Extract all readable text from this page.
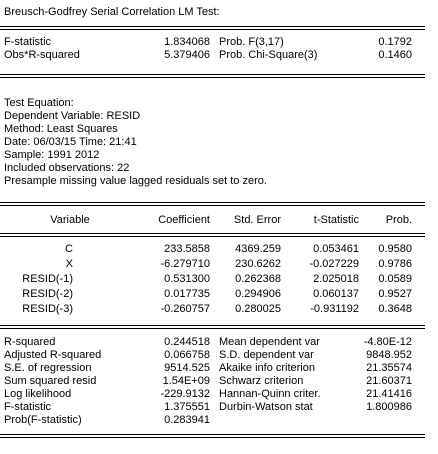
Breusch-Godfrey Serial Correlation LM Test:
F-statistic	1.834068 Prob. F(3,17)	0.1792
Obs*R-squared	5.379406 Prob. Chi-Square(3)	0.1460
Test Equation:
Dependent Variable: RESID
Method: Least Squares
Date: 06/03/15 Time: 21:41
Sample: 1991 2012
Included observations: 22
Presample missing value lagged residuals set to zero.
Variable	Coefficient	Std. Error	t-Statistic	Prob.
C	233.5858	4369.259	0.053461	0.9580
X	-6.279710	230.6262	-0.027229	0.9786
RESID(-1)	0.531300	0.262368	2.025018	0.0589
RESID(-2)	0.017735	0.294906	0.060137	0.9527
RESID(-3)	-0.260757	0.280025	-0.931192	0.3648
R-squared	0.244518 Mean dependent var	-4.80E-12
Adjusted R-squared	0.066758 S.D. dependent var	9848.952
S.E. of regression	9514.525 Akaike info criterion	21.35574
Sum squared resid	1.54E+09 Schwarz criterion	21.60371
Log likelihood	-229.9132 Hannan-Quinn criter.	21.41416
F-statistic	1.375551 Durbin-Watson stat	1.800986
Prob(F-statistic)	0.283941
